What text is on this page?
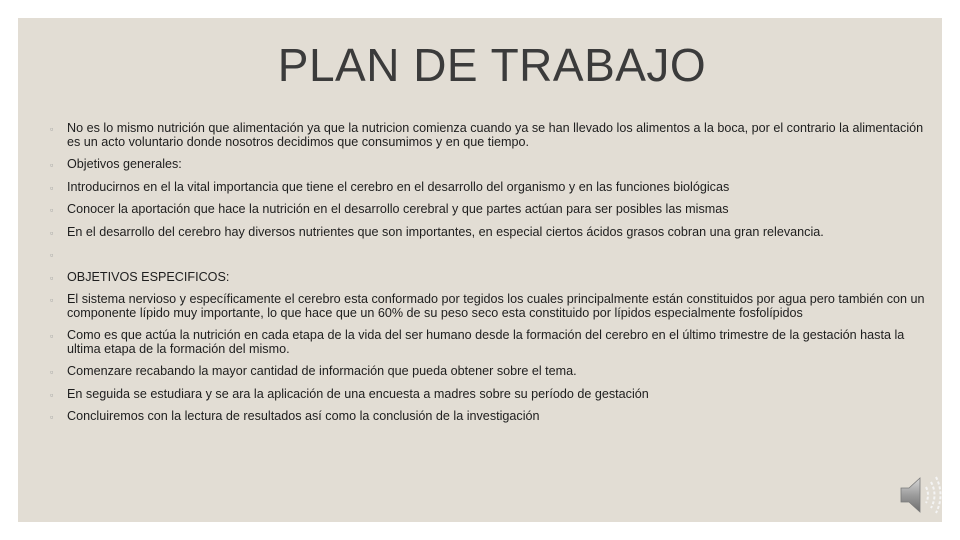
PLAN DE TRABAJO
▫ No es lo mismo nutrición que alimentación ya que la nutricion comienza cuando ya se han llevado los alimentos a la boca, por el contrario la alimentación es un acto voluntario donde nosotros decidimos que consumimos y en que tiempo.
▫ Objetivos generales:
▫ Introducirnos en el la vital importancia que tiene el cerebro en el desarrollo del organismo y en las funciones biológicas
▫ Conocer la aportación que hace la nutrición en el desarrollo cerebral y que partes actúan para ser posibles las mismas
▫ En el desarrollo del cerebro hay diversos nutrientes que son importantes, en especial ciertos ácidos grasos cobran una gran relevancia.
▫
▫ OBJETIVOS ESPECIFICOS:
▫ El sistema nervioso y específicamente el cerebro esta conformado por tegidos los cuales principalmente están constituidos por agua pero también con un componente lípido muy importante, lo que hace que un 60% de su peso seco esta constituido por lípidos especialmente fosfolípidos
▫ Como es que actúa la nutrición en cada etapa de la vida del ser humano desde la formación del cerebro en el último trimestre de la gestación hasta la ultima etapa de la formación del mismo.
▫ Comenzare recabando la mayor cantidad de información que pueda obtener sobre el tema.
▫ En seguida se estudiara y se ara la aplicación de una encuesta a madres sobre su período de gestación
▫ Concluiremos con la lectura de resultados así como la conclusión de la investigación
